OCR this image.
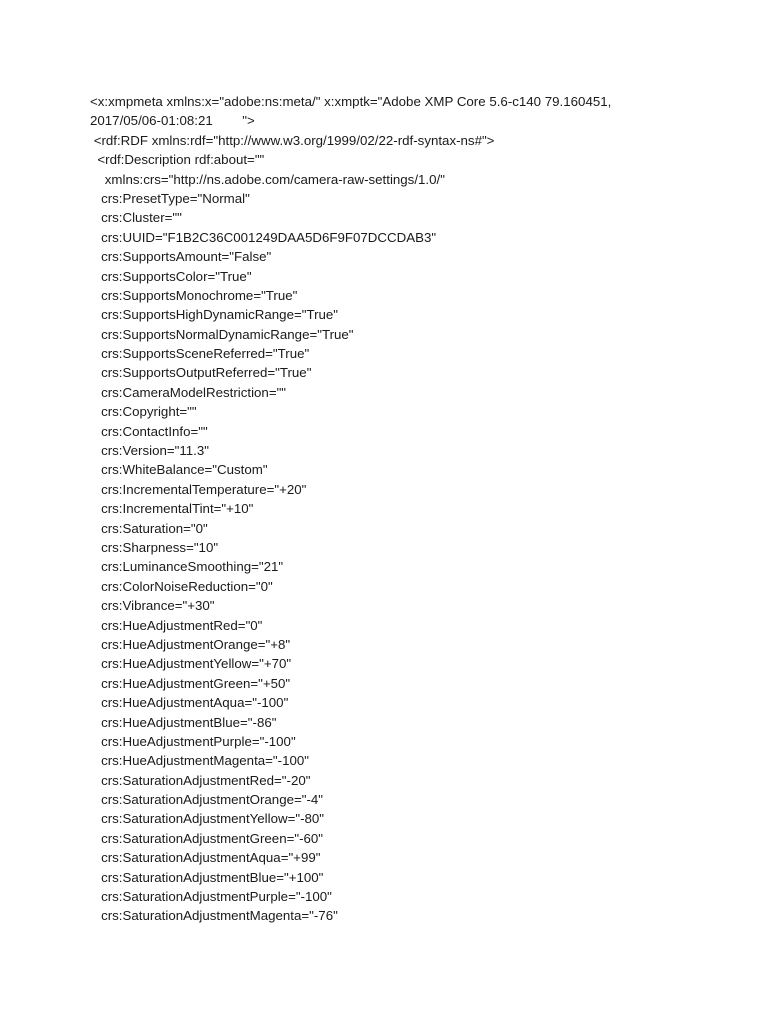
<x:xmpmeta xmlns:x="adobe:ns:meta/" x:xmptk="Adobe XMP Core 5.6-c140 79.160451,
2017/05/06-01:08:21        ">
<rdf:RDF xmlns:rdf="http://www.w3.org/1999/02/22-rdf-syntax-ns#">
<rdf:Description rdf:about=""
xmlns:crs="http://ns.adobe.com/camera-raw-settings/1.0/"
crs:PresetType="Normal"
crs:Cluster=""
crs:UUID="F1B2C36C001249DAA5D6F9F07DCCDAB3"
crs:SupportsAmount="False"
crs:SupportsColor="True"
crs:SupportsMonochrome="True"
crs:SupportsHighDynamicRange="True"
crs:SupportsNormalDynamicRange="True"
crs:SupportsSceneReferred="True"
crs:SupportsOutputReferred="True"
crs:CameraModelRestriction=""
crs:Copyright=""
crs:ContactInfo=""
crs:Version="11.3"
crs:WhiteBalance="Custom"
crs:IncrementalTemperature="+20"
crs:IncrementalTint="+10"
crs:Saturation="0"
crs:Sharpness="10"
crs:LuminanceSmoothing="21"
crs:ColorNoiseReduction="0"
crs:Vibrance="+30"
crs:HueAdjustmentRed="0"
crs:HueAdjustmentOrange="+8"
crs:HueAdjustmentYellow="+70"
crs:HueAdjustmentGreen="+50"
crs:HueAdjustmentAqua="-100"
crs:HueAdjustmentBlue="-86"
crs:HueAdjustmentPurple="-100"
crs:HueAdjustmentMagenta="-100"
crs:SaturationAdjustmentRed="-20"
crs:SaturationAdjustmentOrange="-4"
crs:SaturationAdjustmentYellow="-80"
crs:SaturationAdjustmentGreen="-60"
crs:SaturationAdjustmentAqua="+99"
crs:SaturationAdjustmentBlue="+100"
crs:SaturationAdjustmentPurple="-100"
crs:SaturationAdjustmentMagenta="-76"
